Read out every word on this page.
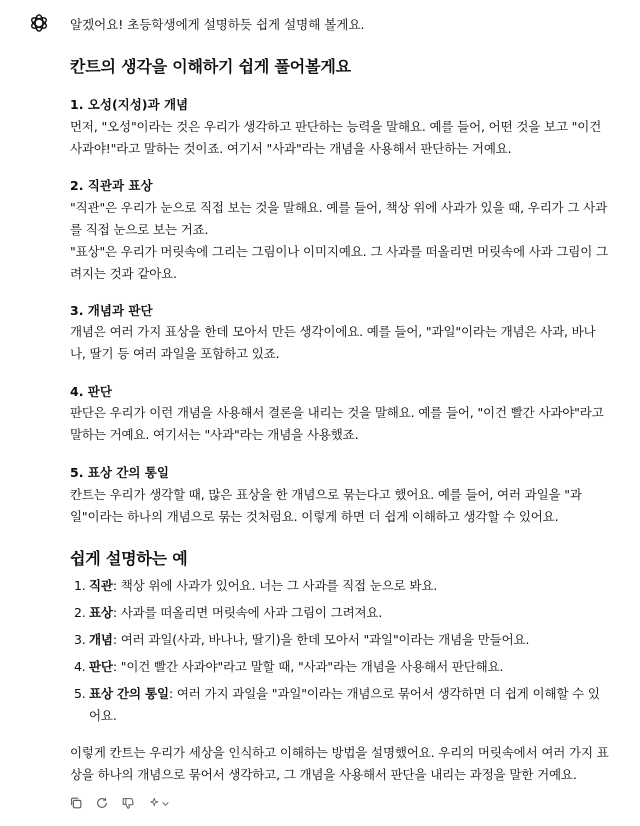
알겠어요! 초등학생에게 설명하듯 쉽게 설명해 볼게요.
칸트의 생각을 이해하기 쉽게 풀어볼게요
1. 오성(지성)과 개념

먼저, "오성"이라는 것은 우리가 생각하고 판단하는 능력을 말해요. 예를 들어, 어떤 것을 보고 "이건 사과야!"라고 말하는 것이죠. 여기서 "사과"라는 개념을 사용해서 판단하는 거예요.

2. 직관과 표상

"직관"은 우리가 눈으로 직접 보는 것을 말해요. 예를 들어, 책상 위에 사과가 있을 때, 우리가 그 사과를 직접 눈으로 보는 거죠.

"표상"은 우리가 머릿속에 그리는 그림이나 이미지예요. 그 사과를 떠올리면 머릿속에 사과 그림이 그려지는 것과 같아요.

3. 개념과 판단

개념은 여러 가지 표상을 한데 모아서 만든 생각이에요. 예를 들어, "과일"이라는 개념은 사과, 바나나, 딸기 등 여러 과일을 포함하고 있죠.

4. 판단

판단은 우리가 이런 개념을 사용해서 결론을 내리는 것을 말해요. 예를 들어, "이건 빨간 사과야"라고 말하는 거예요. 여기서는 "사과"라는 개념을 사용했죠.

5. 표상 간의 통일

칸트는 우리가 생각할 때, 많은 표상을 한 개념으로 묶는다고 했어요. 예를 들어, 여러 과일을 "과일"이라는 하나의 개념으로 묶는 것처럼요. 이렇게 하면 더 쉽게 이해하고 생각할 수 있어요.

쉽게 설명하는 예
1. 직관: 책상 위에 사과가 있어요. 너는 그 사과를 직접 눈으로 봐요.
2. 표상: 사과를 떠올리면 머릿속에 사과 그림이 그려져요.
3. 개념: 여러 과일(사과, 바나나, 딸기)을 한데 모아서 "과일"이라는 개념을 만들어요.
4. 판단: "이건 빨간 사과야"라고 말할 때, "사과"라는 개념을 사용해서 판단해요.
5. 표상 간의 통일: 여러 가지 과일을 "과일"이라는 개념으로 묶어서 생각하면 더 쉽게 이해할 수 있어요.

이렇게 칸트는 우리가 세상을 인식하고 이해하는 방법을 설명했어요. 우리의 머릿속에서 여러 가지 표상을 하나의 개념으로 묶어서 생각하고, 그 개념을 사용해서 판단을 내리는 과정을 말한 거예요.
